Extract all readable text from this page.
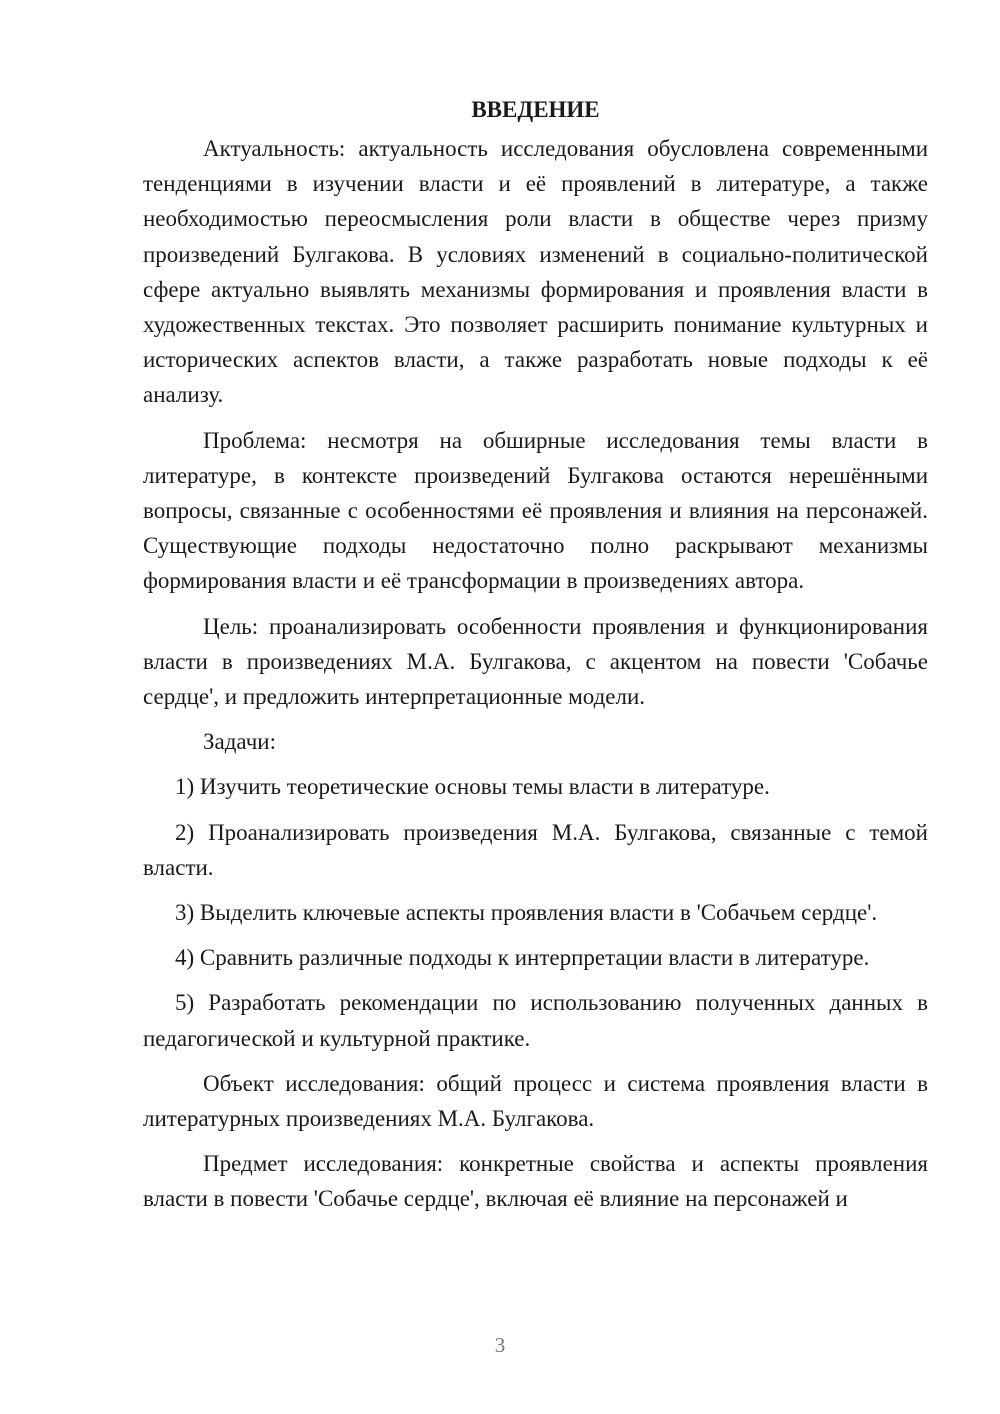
ВВЕДЕНИЕ

Актуальность: актуальность исследования обусловлена современными тенденциями в изучении власти и её проявлений в литературе, а также необходимостью переосмысления роли власти в обществе через призму произведений Булгакова. В условиях изменений в социально-политической сфере актуально выявлять механизмы формирования и проявления власти в художественных текстах. Это позволяет расширить понимание культурных и исторических аспектов власти, а также разработать новые подходы к её анализу.

Проблема: несмотря на обширные исследования темы власти в литературе, в контексте произведений Булгакова остаются нерешёнными вопросы, связанные с особенностями её проявления и влияния на персонажей. Существующие подходы недостаточно полно раскрывают механизмы формирования власти и её трансформации в произведениях автора.

Цель: проанализировать особенности проявления и функционирования власти в произведениях М.А. Булгакова, с акцентом на повести 'Собачье сердце', и предложить интерпретационные модели.

Задачи:

1) Изучить теоретические основы темы власти в литературе.

2) Проанализировать произведения М.А. Булгакова, связанные с темой власти.

3) Выделить ключевые аспекты проявления власти в 'Собачьем сердце'.

4) Сравнить различные подходы к интерпретации власти в литературе.

5) Разработать рекомендации по использованию полученных данных в педагогической и культурной практике.

Объект исследования: общий процесс и система проявления власти в литературных произведениях М.А. Булгакова.

Предмет исследования: конкретные свойства и аспекты проявления власти в повести 'Собачье сердце', включая её влияние на персонажей и

3
